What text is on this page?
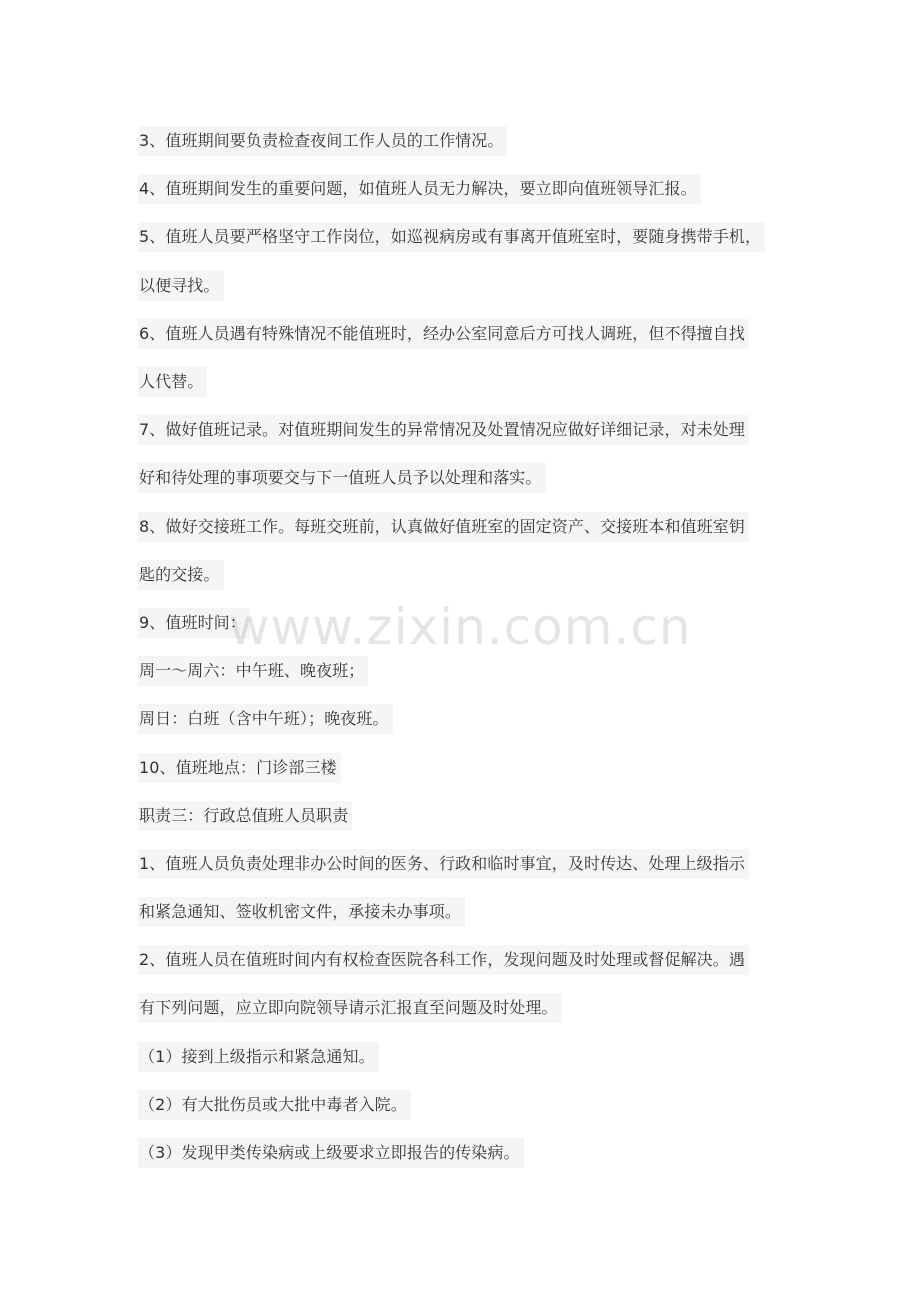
3、值班期间要负责检查夜间工作人员的工作情况。
4、值班期间发生的重要问题，如值班人员无力解决，要立即向值班领导汇报。
5、值班人员要严格坚守工作岗位，如巡视病房或有事离开值班室时，要随身携带手机，
以便寻找。
6、值班人员遇有特殊情况不能值班时，经办公室同意后方可找人调班，但不得擅自找
人代替。
7、做好值班记录。对值班期间发生的异常情况及处置情况应做好详细记录，对未处理
好和待处理的事项要交与下一值班人员予以处理和落实。
8、做好交接班工作。每班交班前，认真做好值班室的固定资产、交接班本和值班室钥
匙的交接。
9、值班时间：
周一～周六：中午班、晚夜班；
周日：白班（含中午班）；晚夜班。
10、值班地点：门诊部三楼
职责三：行政总值班人员职责
1、值班人员负责处理非办公时间的医务、行政和临时事宜，及时传达、处理上级指示
和紧急通知、签收机密文件，承接未办事项。
2、值班人员在值班时间内有权检查医院各科工作，发现问题及时处理或督促解决。遇
有下列问题，应立即向院领导请示汇报直至问题及时处理。
（1）接到上级指示和紧急通知。
（2）有大批伤员或大批中毒者入院。
（3）发现甲类传染病或上级要求立即报告的传染病。
www.zixin.com.cn
